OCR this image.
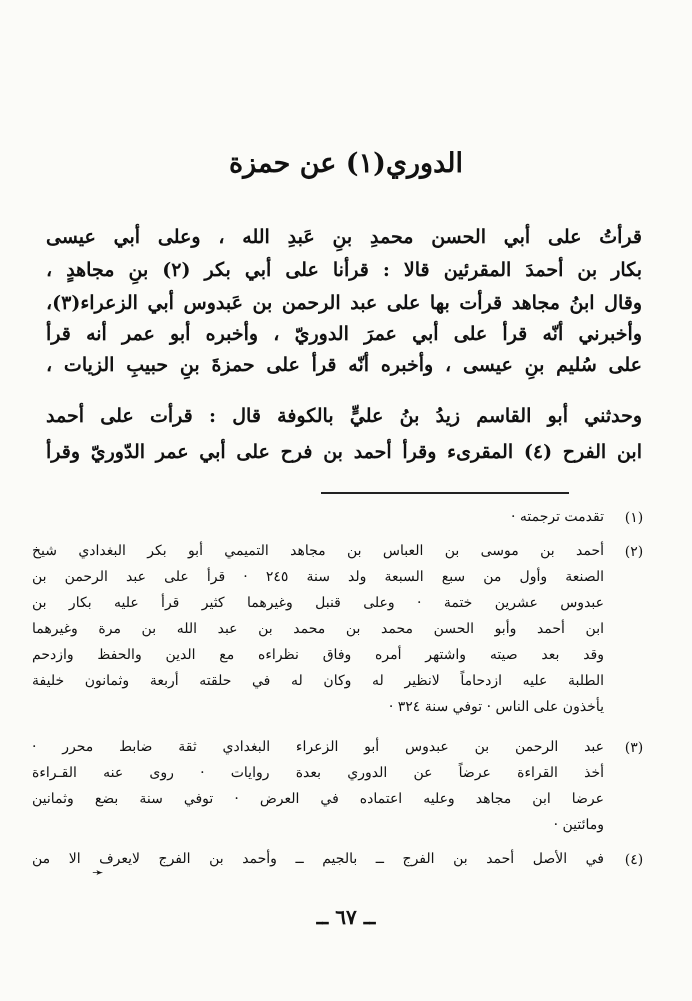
الدوري(١) عن حمزة
قرأتُ على أبي الحسن محمدِ بنِ عَبدِ الله ، وعلى أبي عيسى
بكار بن أحمدَ المقرئين قالا : قرأنا على أبي بكر (٢) بنِ مجاهدٍ ،
وقال ابنُ مجاهد قرأت بها على عبد الرحمن بن عَبدوس أبي الزعراء(٣)،
وأخبرني أنّه قرأ على أبي عمرَ الدوريّ ، وأخبره أبو عمر أنه قرأ
على سُليم بنِ عيسى ، وأخبره أنّه قرأ على حمزةَ بنِ حبيبِ الزيات ،
وحدثني أبو القاسم زيدُ بنُ عليٍّ بالكوفة قال : قرأت على أحمد
ابن الفرح (٤) المقرىء وقرأ أحمد بن فرح على أبي عمر الدّوريّ وقرأ
(١)
تقدمت ترجمته ·
(٢)
أحمد بن موسى بن العباس بن مجاهد التميمي أبو بكر البغدادي شيخ
الصنعة وأول من سبع السبعة ولد سنة ٢٤٥ · قرأ على عبد الرحمن بن
عبدوس عشرين ختمة · وعلى قنبل وغيرهما كثير قرأ عليه بكار بن
ابن أحمد وأبو الحسن محمد بن محمد بن عبد الله بن مرة وغيرهما
وقد بعد صيته واشتهر أمره وفاق نظراءه مع الدين والحفظ وازدحم
الطلبة عليه ازدحاماً لانظير له وكان له في حلقته أربعة وثمانون خليفة
يأخذون على الناس · توفي سنة ٣٢٤ ·
(٣)
عبد الرحمن بن عبدوس أبو الزعراء البغدادي ثقة ضابط محرر ·
أخذ القراءة عرضاً عن الدوري بعدة روايات · روى عنه القـراءة
عرضا ابن مجاهد وعليه اعتماده في العرض · توفي سنة بضع وثمانين
ومائتين ·
(٤)
في الأصل أحمد بن الفرج ــ بالجيم ــ وأحمد بن الفرج لايعرف الا من
➛
ــ ٦٧ ــ
